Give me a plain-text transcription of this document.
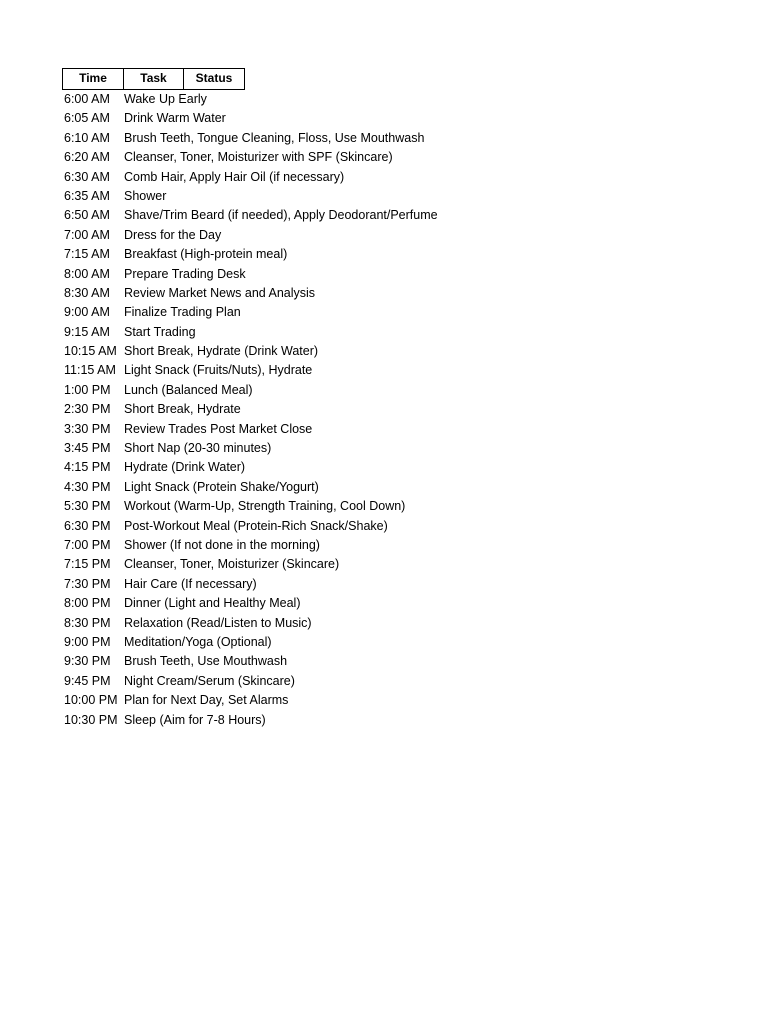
Time	Task	Status
6:00 AM	Wake Up Early
6:05 AM	Drink Warm Water
6:10 AM	Brush Teeth, Tongue Cleaning, Floss, Use Mouthwash
6:20 AM	Cleanser, Toner, Moisturizer with SPF (Skincare)
6:30 AM	Comb Hair, Apply Hair Oil (if necessary)
6:35 AM	Shower
6:50 AM	Shave/Trim Beard (if needed), Apply Deodorant/Perfume
7:00 AM	Dress for the Day
7:15 AM	Breakfast (High-protein meal)
8:00 AM	Prepare Trading Desk
8:30 AM	Review Market News and Analysis
9:00 AM	Finalize Trading Plan
9:15 AM	Start Trading
10:15 AM Short Break, Hydrate (Drink Water)
11:15 AM Light Snack (Fruits/Nuts), Hydrate
1:00 PM	Lunch (Balanced Meal)
2:30 PM	Short Break, Hydrate
3:30 PM	Review Trades Post Market Close
3:45 PM	Short Nap (20-30 minutes)
4:15 PM	Hydrate (Drink Water)
4:30 PM	Light Snack (Protein Shake/Yogurt)
5:30 PM	Workout (Warm-Up, Strength Training, Cool Down)
6:30 PM	Post-Workout Meal (Protein-Rich Snack/Shake)
7:00 PM	Shower (If not done in the morning)
7:15 PM	Cleanser, Toner, Moisturizer (Skincare)
7:30 PM	Hair Care (If necessary)
8:00 PM	Dinner (Light and Healthy Meal)
8:30 PM	Relaxation (Read/Listen to Music)
9:00 PM	Meditation/Yoga (Optional)
9:30 PM	Brush Teeth, Use Mouthwash
9:45 PM	Night Cream/Serum (Skincare)
10:00 PM Plan for Next Day, Set Alarms
10:30 PM Sleep (Aim for 7-8 Hours)
